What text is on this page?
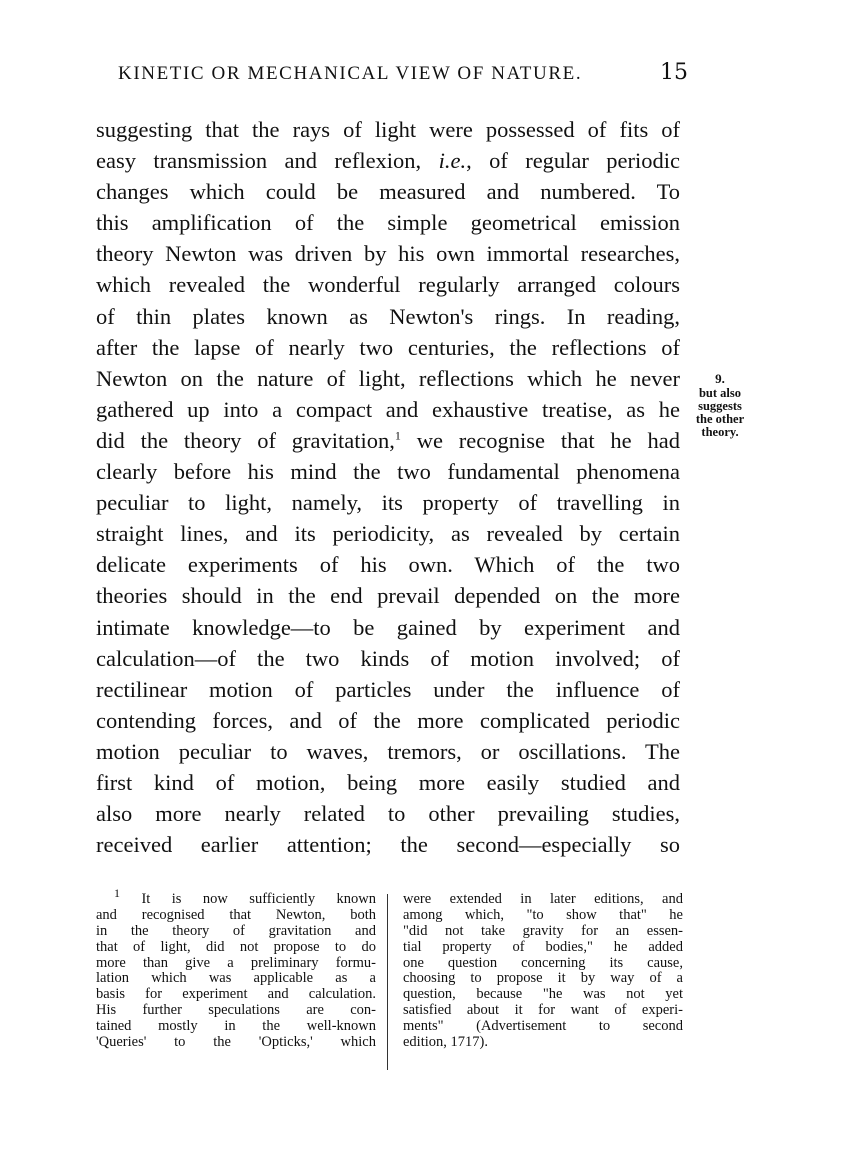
KINETIC OR MECHANICAL VIEW OF NATURE.	15
suggesting that the rays of light were possessed of fits of
easy transmission and reflexion, i.e., of regular periodic
changes which could be measured and numbered. To
this amplification of the simple geometrical emission
theory Newton was driven by his own immortal researches,
which revealed the wonderful regularly arranged colours
of thin plates known as Newton's rings. In reading,
after the lapse of nearly two centuries, the reflections of
Newton on the nature of light, reflections which he never
gathered up into a compact and exhaustive treatise, as he
did the theory of gravitation,$^1$ we recognise that he had
clearly before his mind the two fundamental phenomena
peculiar to light, namely, its property of travelling in
straight lines, and its periodicity, as revealed by certain
delicate experiments of his own. Which of the two
theories should in the end prevail depended on the more
intimate knowledge—to be gained by experiment and
calculation—of the two kinds of motion involved; of
rectilinear motion of particles under the influence of
contending forces, and of the more complicated periodic
motion peculiar to waves, tremors, or oscillations. The
first kind of motion, being more easily studied and
also more nearly related to other prevailing studies,
received earlier attention; the second—especially so
9.
but also
suggests
the other
theory.
$^1$ It is now sufficiently known
and recognised that Newton, both
in the theory of gravitation and
that of light, did not propose to do
more than give a preliminary formu-
lation which was applicable as a
basis for experiment and calculation.
His further speculations are con-
tained mostly in the well-known
'Queries' to the 'Opticks,' which
were extended in later editions, and
among which, "to show that" he
"did not take gravity for an essen-
tial property of bodies," he added
one question concerning its cause,
choosing to propose it by way of a
question, because "he was not yet
satisfied about it for want of experi-
ments" (Advertisement to second
edition, 1717).
